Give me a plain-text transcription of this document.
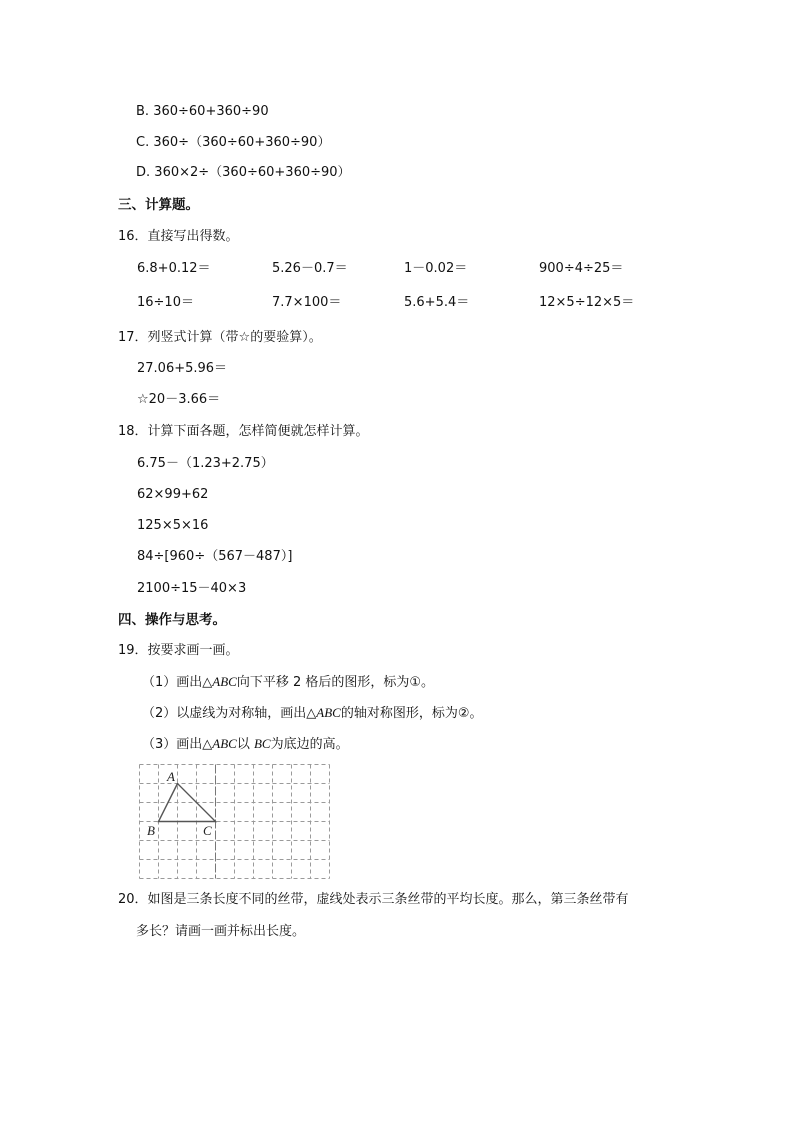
B. 360÷60+360÷90
C. 360÷（360÷60+360÷90）
D. 360×2÷（360÷60+360÷90）
三、计算题。
16．直接写出得数。
6.8+0.12＝	5.26－0.7＝	1－0.02＝	900÷4÷25＝
16÷10＝	7.7×100＝	5.6+5.4＝	12×5÷12×5＝
17．列竖式计算（带☆的要验算）。
27.06+5.96＝
☆20－3.66＝
18．计算下面各题，怎样简便就怎样计算。
6.75－（1.23+2.75）
62×99+62
125×5×16
84÷[960÷（567－487）]
2100÷15－40×3
四、操作与思考。
19．按要求画一画。
（1）画出△ABC向下平移 2 格后的图形，标为①。
（2）以虚线为对称轴，画出△ABC的轴对称图形，标为②。
（3）画出△ABC以 BC为底边的高。
A
B	C
20．如图是三条长度不同的丝带，虚线处表示三条丝带的平均长度。那么，第三条丝带有
多长？请画一画并标出长度。
